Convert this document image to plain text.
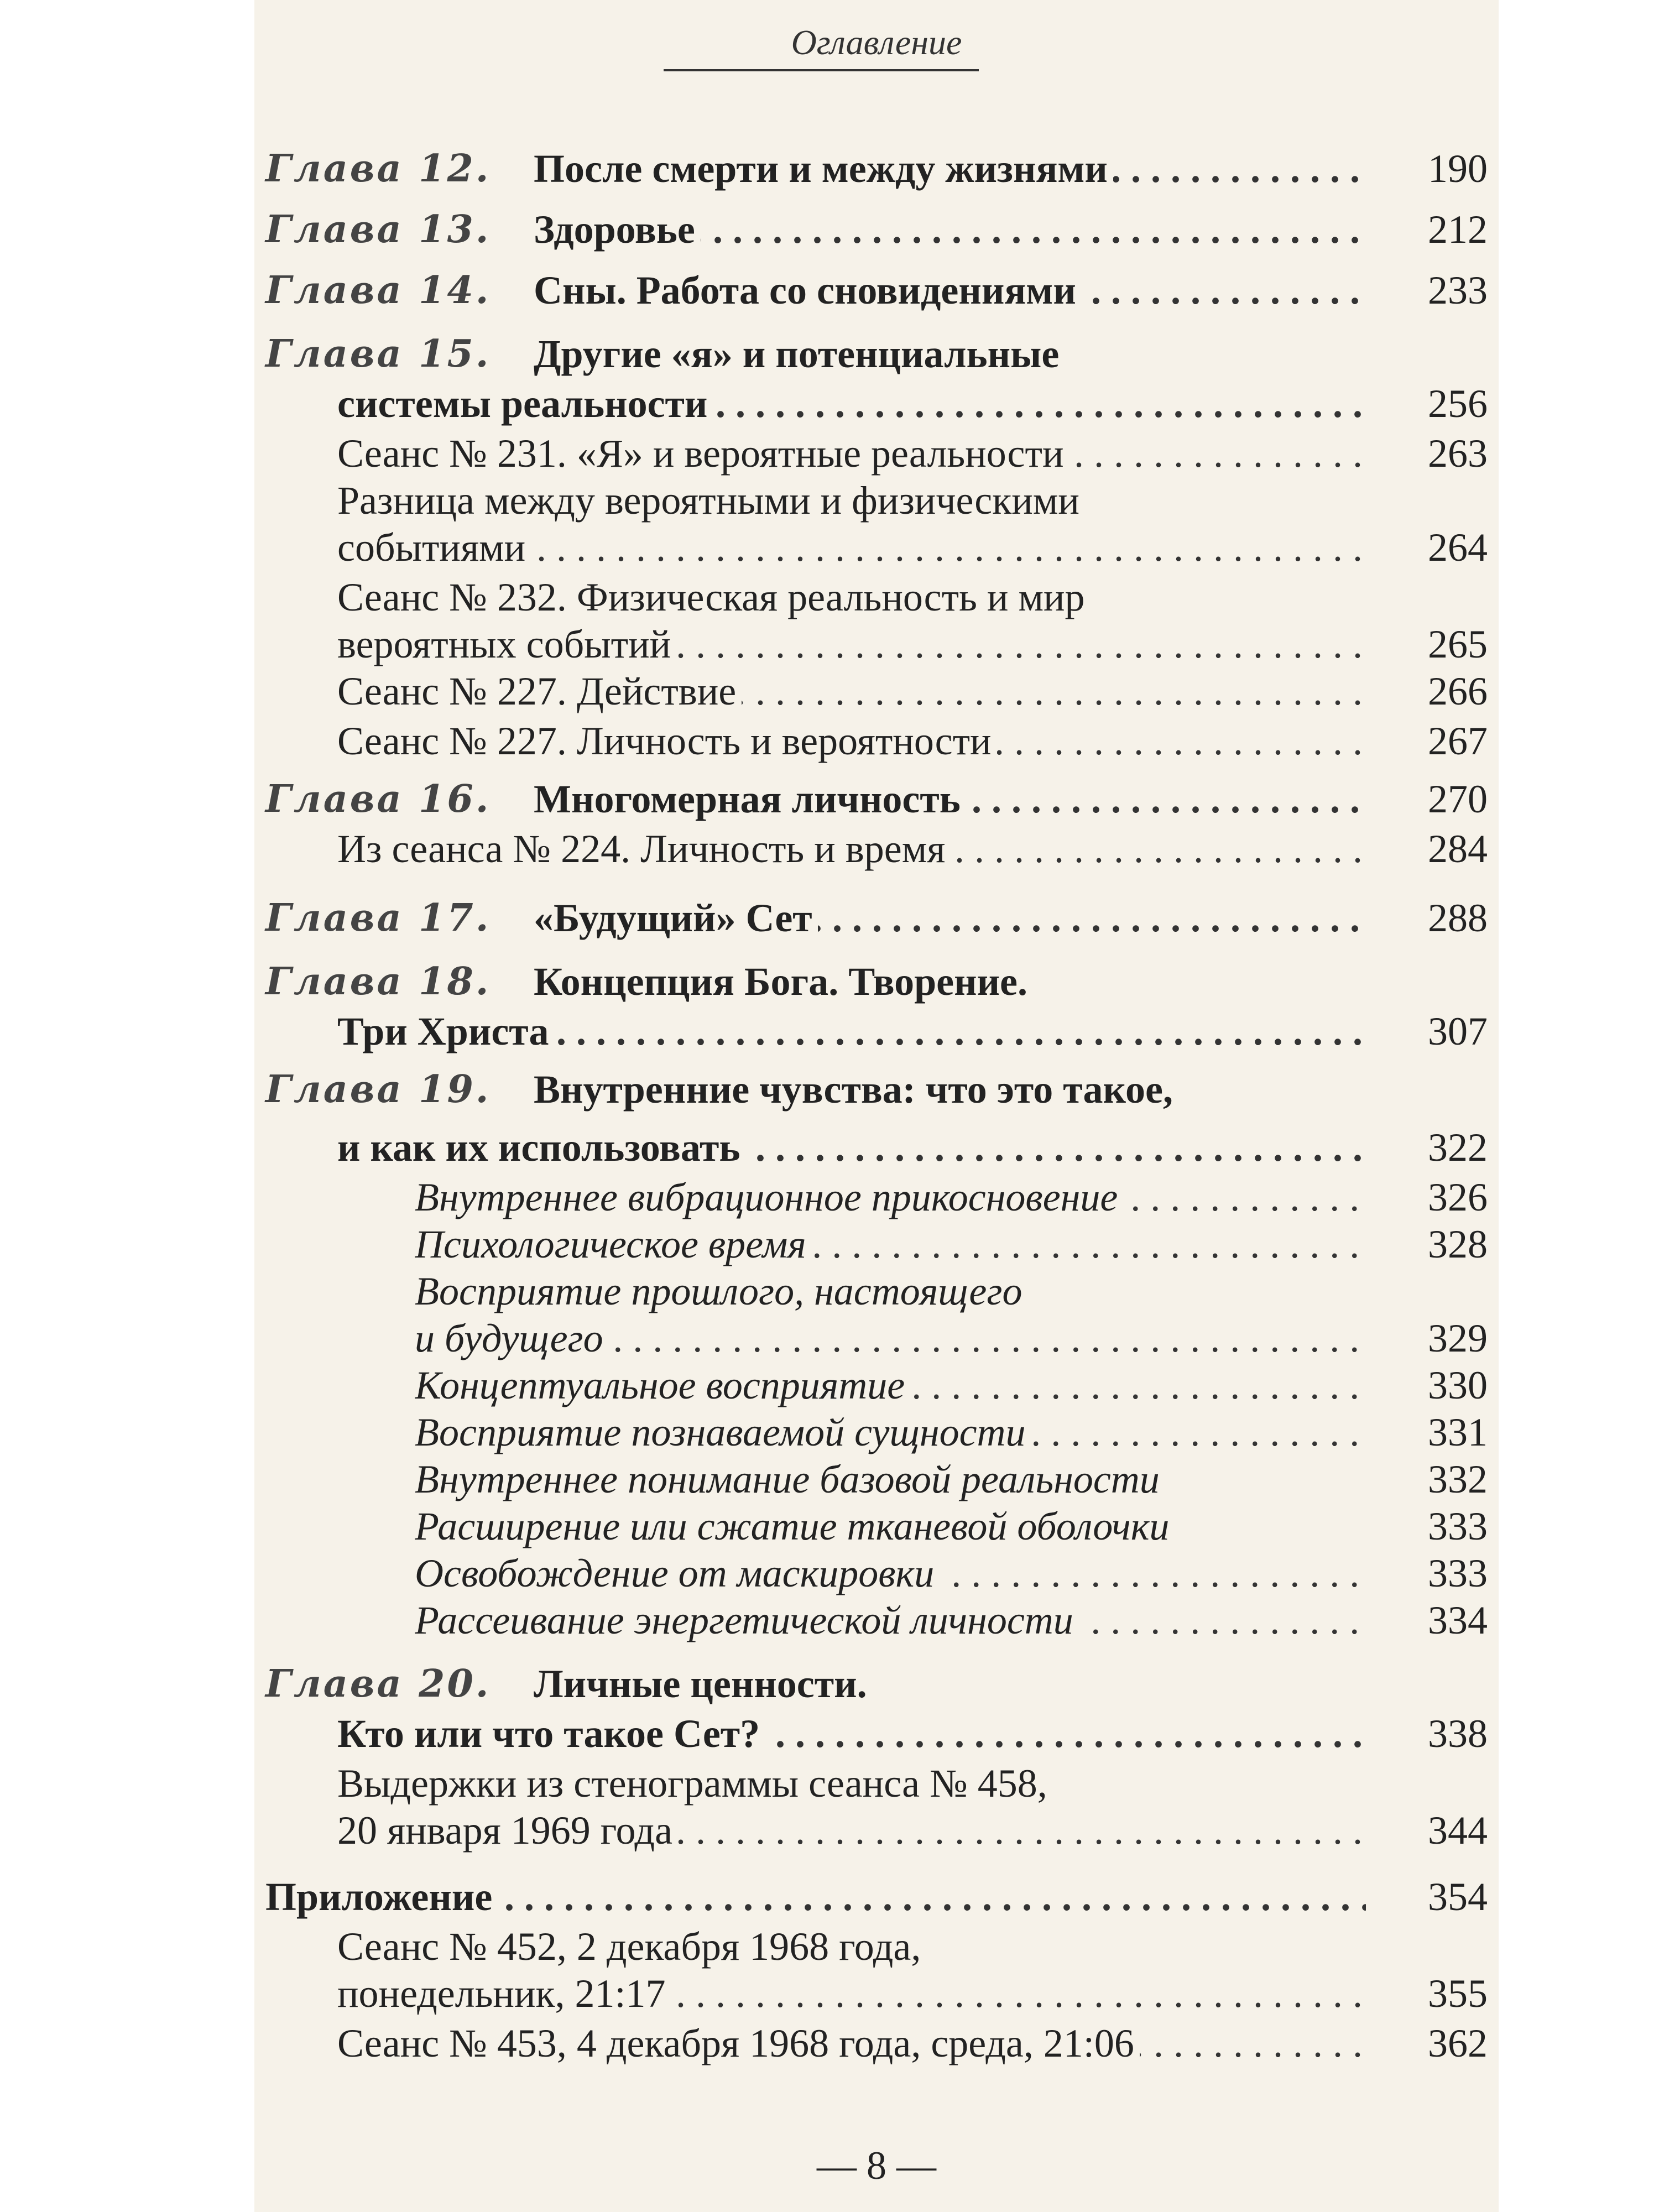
Оглавление
Глава 12. После смерти и между жизнями . . .	190
Глава 13. Здоровье . . .	212
Глава 14. Сны. Работа со сновидениями . . .	233
Глава 15. Другие «я» и потенциальные
системы реальности . . .	256
Сеанс № 231. «Я» и вероятные реальности . . .	263
Разница между вероятными и физическими
событиями . . .	264
Сеанс № 232. Физическая реальность и мир
вероятных событий . . .	265
Сеанс № 227. Действие . . .	266
Сеанс № 227. Личность и вероятности . . .	267
Глава 16. Многомерная личность . . .	270
Из сеанса № 224. Личность и время . . .	284
Глава 17. «Будущий» Сет . . .	288
Глава 18. Концепция Бога. Творение.
Три Христа . . .	307
Глава 19. Внутренние чувства: что это такое,
и как их использовать . . .	322
Внутреннее вибрационное прикосновение . . .	326
Психологическое время . . .	328
Восприятие прошлого, настоящего
и будущего . . .	329
Концептуальное восприятие . . .	330
Восприятие познаваемой сущности . . .	331
Внутреннее понимание базовой реальности	332
Расширение или сжатие тканевой оболочки	333
Освобождение от маскировки . . .	333
Рассеивание энергетической личности . . .	334
Глава 20. Личные ценности.
Кто или что такое Сет? . . .	338
Выдержки из стенограммы сеанса № 458,
20 января 1969 года . . .	344
Приложение . . .	354
Сеанс № 452, 2 декабря 1968 года,
понедельник, 21:17 . . .	355
Сеанс № 453, 4 декабря 1968 года, среда, 21:06 . . .	362
— 8 —
